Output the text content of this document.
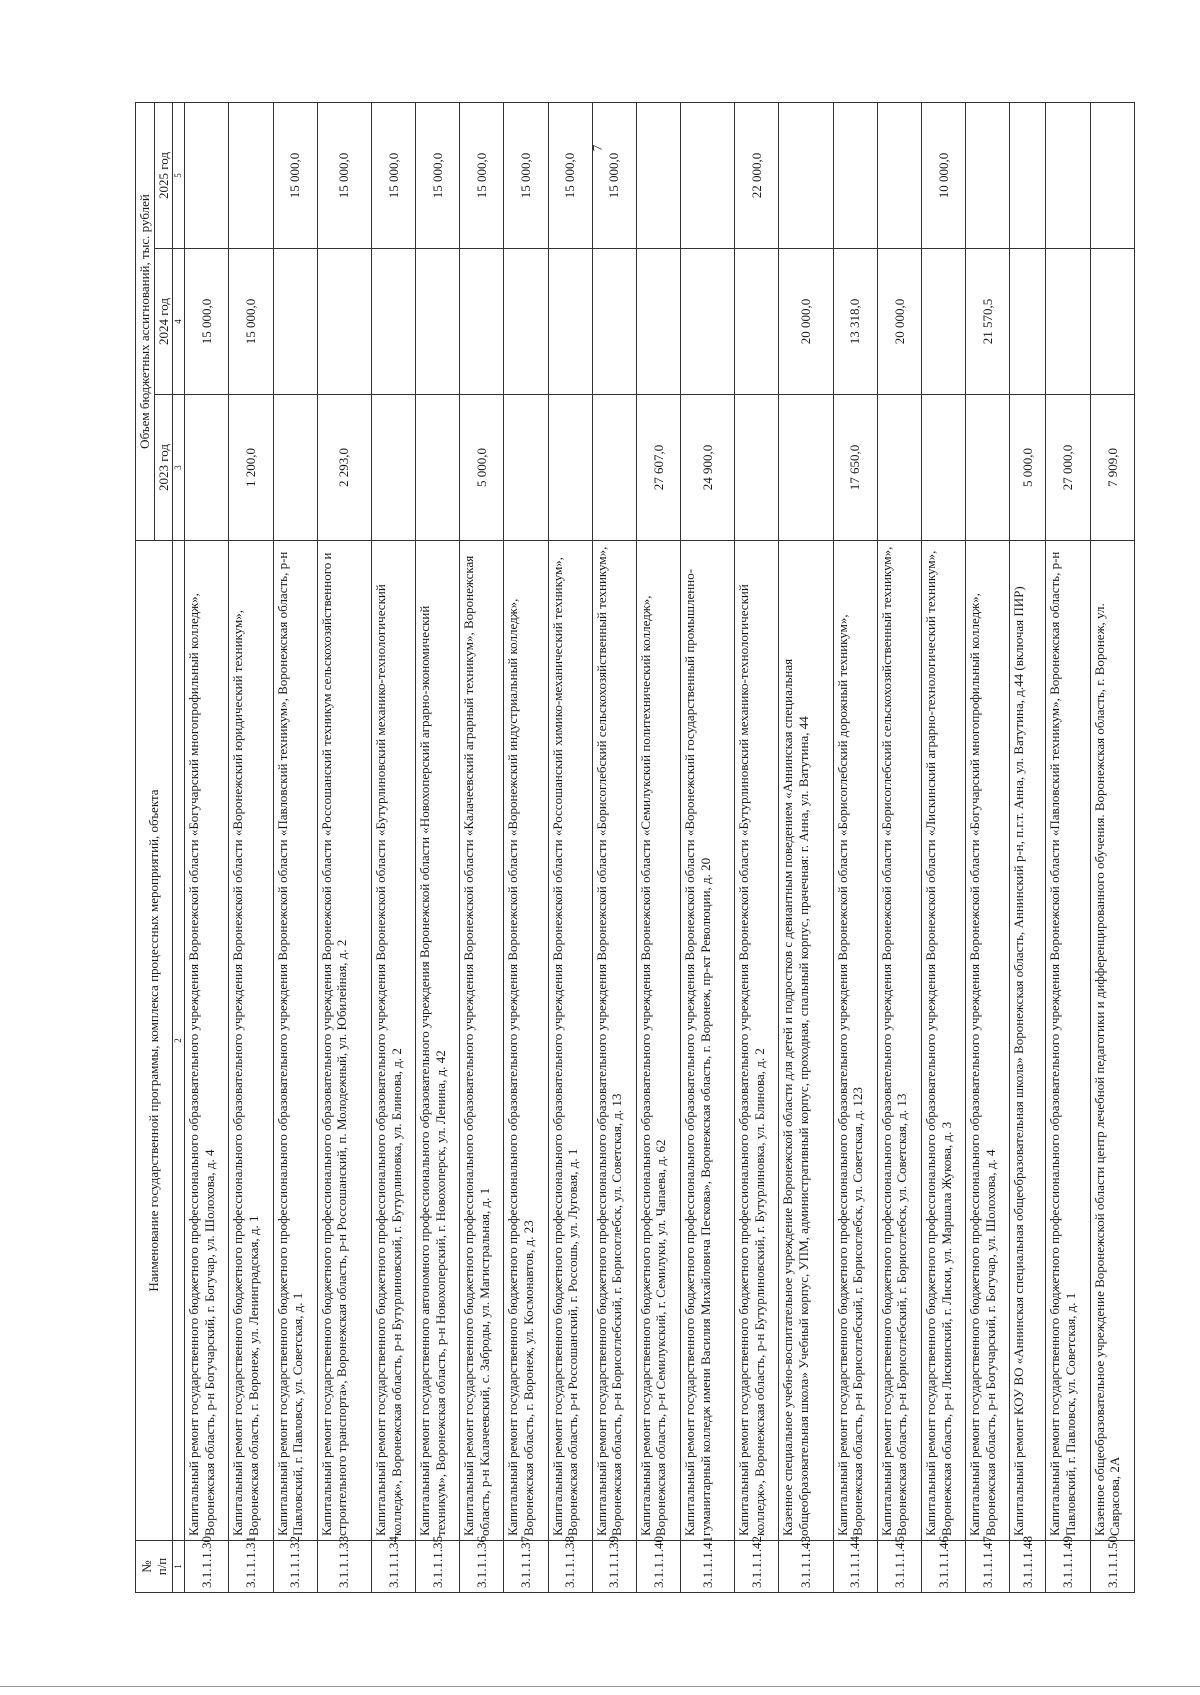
7
№
п/п	Наименование государственной программы, комплекса процессных мероприятий, объекта	Объем бюджетных ассигнований, тыс. рублей		
		2023 год	2024 год	2025 год
1	2	3	4	5
3.1.1.1.30	Капитальный ремонт государственного бюджетного профессионального образовательного учреждения Воронежской области «Богучарский многопрофильный колледж», Воронежская область, р-н Богучарский, г. Богучар, ул. Шолохова, д. 4		15 000,0	
3.1.1.1.31	Капитальный ремонт государственного бюджетного профессионального образовательного учреждения Воронежской области «Воронежский юридический техникум», Воронежская область, г. Воронеж, ул. Ленинградская, д. 1	1 200,0	15 000,0	
3.1.1.1.32	Капитальный ремонт государственного бюджетного профессионального образовательного учреждения Воронежской области «Павловский техникум», Воронежская область, р-н Павловский, г. Павловск, ул. Советская, д. 1			15 000,0
3.1.1.1.33	Капитальный ремонт государственного бюджетного профессионального образовательного учреждения Воронежской области «Россошанский техникум сельскохозяйственного и строительного транспорта», Воронежская область, р-н Россошанский, п. Молодежный, ул. Юбилейная, д. 2	2 293,0		15 000,0
3.1.1.1.34	Капитальный ремонт государственного бюджетного профессионального образовательного учреждения Воронежской области «Бутурлиновский механико-технологический колледж», Воронежская область, р-н Бутурлиновский, г. Бутурлиновка, ул. Блинова, д. 2			15 000,0
3.1.1.1.35	Капитальный ремонт государственного автономного профессионального образовательного учреждения Воронежской области «Новохоперский аграрно-экономический техникум», Воронежская область, р-н Новохоперский, г. Новохоперск, ул. Ленина, д. 42			15 000,0
3.1.1.1.36	Капитальный ремонт государственного бюджетного профессионального образовательного учреждения Воронежской области «Калачеевский аграрный техникум», Воронежская область, р-н Калачеевский, с. Заброды, ул. Магистральная, д. 1	5 000,0		15 000,0
3.1.1.1.37	Капитальный ремонт государственного бюджетного профессионального образовательного учреждения Воронежской области «Воронежский индустриальный колледж», Воронежская область, г. Воронеж, ул. Космонавтов, д. 23			15 000,0
3.1.1.1.38	Капитальный ремонт государственного бюджетного профессионального образовательного учреждения Воронежской области «Россошанский химико-механический техникум», Воронежская область, р-н Россошанский, г. Россошь, ул. Луговая, д. 1			15 000,0
3.1.1.1.39	Капитальный ремонт государственного бюджетного профессионального образовательного учреждения Воронежской области «Борисоглебский сельскохозяйственный техникум», Воронежская область, р-н Борисоглебский, г. Борисоглебск, ул. Советская, д. 13			15 000,0
3.1.1.1.40	Капитальный ремонт государственного бюджетного профессионального образовательного учреждения Воронежской области «Семилукский политехнический колледж», Воронежская область, р-н Семилукский, г. Семилуки, ул. Чапаева, д. 62	27 607,0		
3.1.1.1.41	Капитальный ремонт государственного бюджетного профессионального образовательного учреждения Воронежской области «Воронежский государственный промышленно-гуманитарный колледж имени Василия Михайловича Пескова», Воронежская область, г. Воронеж, пр-кт Революции, д. 20	24 900,0		
3.1.1.1.42	Капитальный ремонт государственного бюджетного профессионального образовательного учреждения Воронежской области «Бутурлиновский механико-технологический колледж», Воронежская область, р-н Бутурлиновский, г. Бутурлиновка, ул. Блинова, д. 2			22 000,0
3.1.1.1.43	Казенное специальное учебно-воспитательное учреждение Воронежской области для детей и подростков с девиантным поведением «Аннинская специальная общеобразовательная школа» Учебный корпус, УПМ, административный корпус, проходная, спальный корпус, прачечная: г. Анна, ул. Ватутина, 44		20 000,0	
3.1.1.1.44	Капитальный ремонт государственного бюджетного профессионального образовательного учреждения Воронежской области «Борисоглебский дорожный техникум», Воронежская область, р-н Борисоглебский, г. Борисоглебск, ул. Советская, д. 123	17 650,0	13 318,0	
3.1.1.1.45	Капитальный ремонт государственного бюджетного профессионального образовательного учреждения Воронежской области «Борисоглебский сельскохозяйственный техникум», Воронежская область, р-н Борисоглебский, г. Борисоглебск, ул. Советская, д. 13		20 000,0	
3.1.1.1.46	Капитальный ремонт государственного бюджетного профессионального образовательного учреждения Воронежской области «Лискинский аграрно-технологический техникум», Воронежская область, р-н Лискинский, г. Лиски, ул. Маршала Жукова, д. 3			10 000,0
3.1.1.1.47	Капитальный ремонт государственного бюджетного профессионального образовательного учреждения Воронежской области «Богучарский многопрофильный колледж», Воронежская область, р-н Богучарский, г. Богучар, ул. Шолохова, д. 4		21 570,5	
3.1.1.1.48	Капитальный ремонт КОУ ВО «Аннинская специальная общеобразовательная школа» Воронежская область, Аннинский р-н, п.г.т. Анна, ул. Ватутина, д.44 (включая ПИР)	5 000,0		
3.1.1.1.49	Капитальный ремонт государственного бюджетного профессионального образовательного учреждения Воронежской области «Павловский техникум», Воронежская область, р-н Павловский, г. Павловск, ул. Советская, д. 1	27 000,0		
3.1.1.1.50	Казенное общеобразовательное учреждение Воронежской области центр лечебной педагогики и дифференцированного обучения. Воронежская область, г. Воронеж, ул. Саврасова, 2А	7 909,0		
